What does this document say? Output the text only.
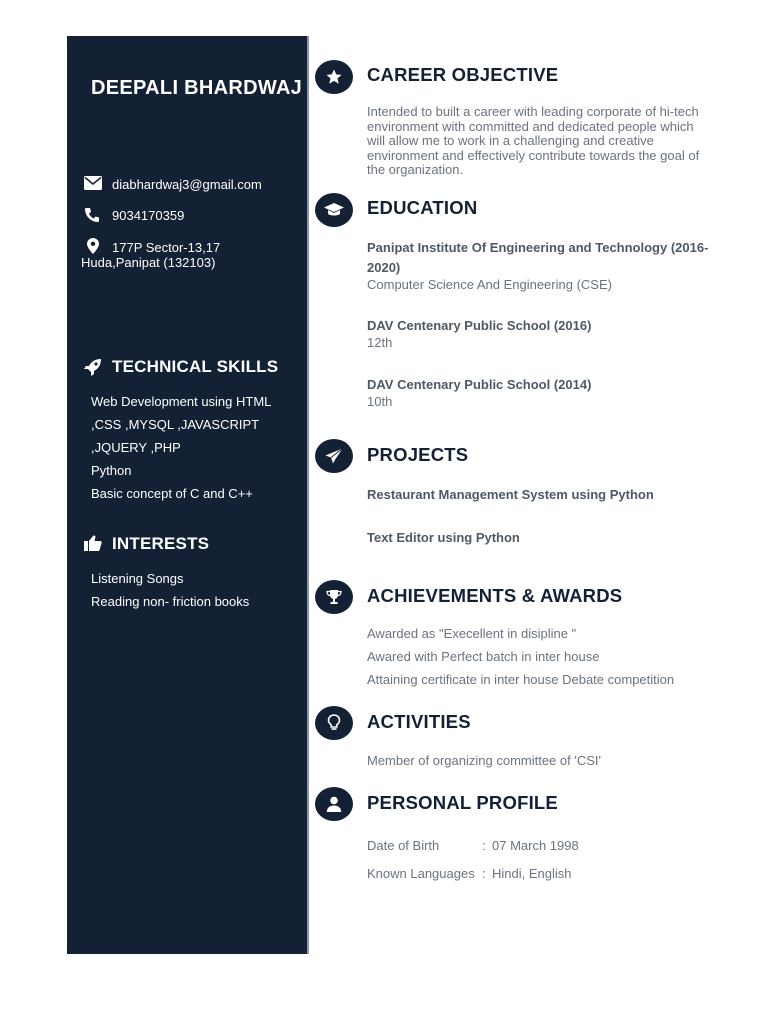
DEEPALI BHARDWAJ
diabhardwaj3@gmail.com
9034170359
177P Sector-13,17
Huda,Panipat (132103)
TECHNICAL SKILLS
Web Development using HTML
,CSS ,MYSQL ,JAVASCRIPT
,JQUERY ,PHP
Python
Basic concept of C and C++
INTERESTS
Listening Songs
Reading non- friction books
CAREER OBJECTIVE

Intended to built a career with leading corporate of hi-tech environment with committed and dedicated people which will allow me to work in a challenging and creative environment and effectively contribute towards the goal of the organization.

EDUCATION
Panipat Institute Of Engineering and Technology (2016-
2020)
Computer Science And Engineering (CSE)
DAV Centenary Public School (2016)
12th
DAV Centenary Public School (2014)
10th
PROJECTS
Restaurant Management System using Python
Text Editor using Python
ACHIEVEMENTS & AWARDS
Awarded as "Execellent in disipline "
Awared with Perfect batch in inter house
Attaining certificate in inter house Debate competition
ACTIVITIES
Member of organizing committee of 'CSI'
PERSONAL PROFILE
Date of Birth	: 07 March 1998
Known Languages : Hindi, English
